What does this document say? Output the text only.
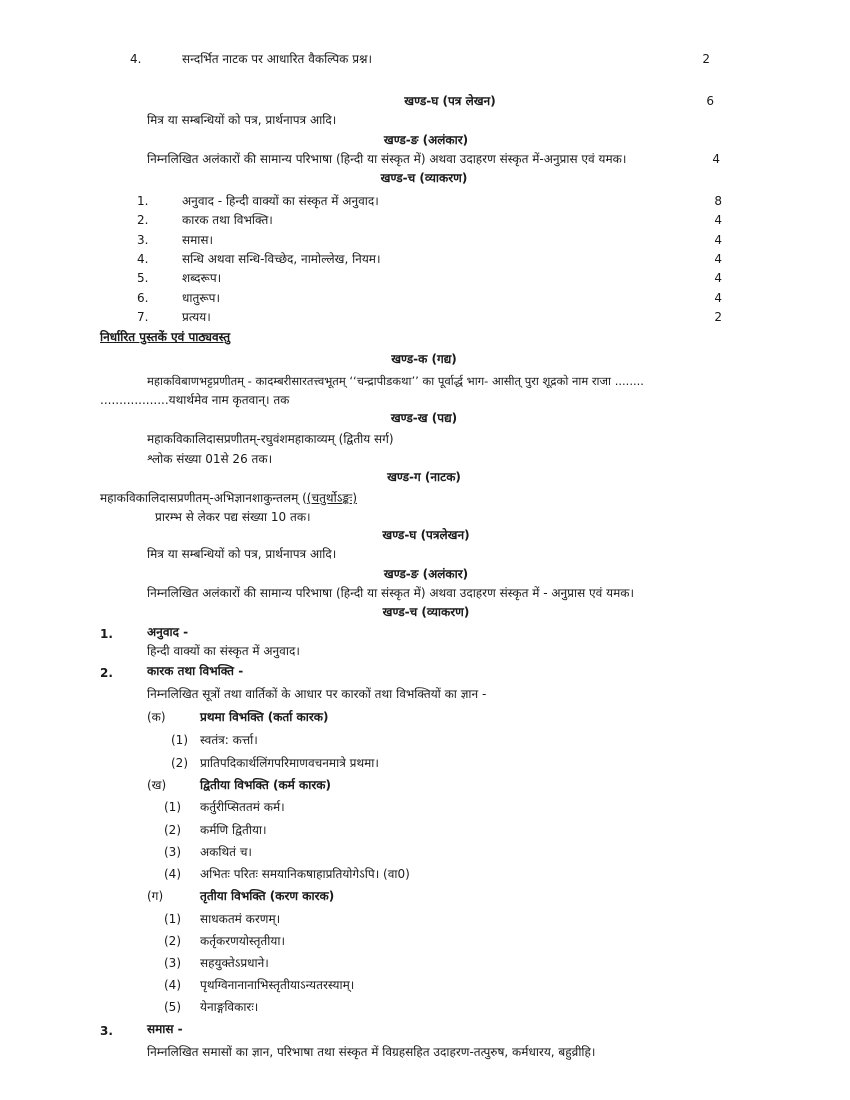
4.	सन्दर्भित नाटक पर आधारित वैकल्पिक प्रश्न।	2
खण्ड-घ (पत्र लेखन)	6
मित्र या सम्बन्धियों को पत्र, प्रार्थनापत्र आदि।
खण्ड-ङ (अलंकार)
निम्नलिखित अलंकारों की सामान्य परिभाषा (हिन्दी या संस्कृत में) अथवा उदाहरण संस्कृत में-अनुप्रास एवं यमक।	4
खण्ड-च (व्याकरण)
1.	अनुवाद - हिन्दी वाक्यों का संस्कृत में अनुवाद।	8
2.	कारक तथा विभक्ति।	4
3.	समास।	4
4.	सन्धि अथवा सन्धि-विच्छेद, नामोल्लेख, नियम।	4
5.	शब्दरूप।	4
6.	धातुरूप।	4
7.	प्रत्यय।	2
निर्धारित पुस्तकें एवं पाठ्यवस्तु
खण्ड-क (गद्य)
महाकविबाणभट्टप्रणीतम् - कादम्बरीसारतत्त्वभूतम् ‘‘चन्द्रापीडकथा’’ का पूर्वार्द्ध भाग- आसीत् पुरा शूद्रको नाम राजा ........
..................यथार्थमेव नाम कृतवान्। तक
खण्ड-ख (पद्य)
महाकविकालिदासप्रणीतम्-रघुवंशमहाकाव्यम् (द्वितीय सर्ग)
श्लोक संख्या 01से 26 तक।
खण्ड-ग (नाटक)
महाकविकालिदासप्रणीतम्-अभिज्ञानशाकुन्तलम् ((चतुर्थोऽङ्कः)
प्रारम्भ से लेकर पद्य संख्या 10 तक।
खण्ड-घ (पत्रलेखन)
मित्र या सम्बन्धियों को पत्र, प्रार्थनापत्र आदि।
खण्ड-ङ (अलंकार)
निम्नलिखित अलंकारों की सामान्य परिभाषा (हिन्दी या संस्कृत में) अथवा उदाहरण संस्कृत में - अनुप्रास एवं यमक।
खण्ड-च (व्याकरण)
1.	अनुवाद -
हिन्दी वाक्यों का संस्कृत में अनुवाद।
2.	कारक तथा विभक्ति -
निम्नलिखित सूत्रों तथा वार्तिकों के आधार पर कारकों तथा विभक्तियों का ज्ञान -
(क)	प्रथमा विभक्ति (कर्ता कारक)
(1) स्वतंत्र: कर्त्ता।
(2) प्रातिपदिकार्थलिंगपरिमाणवचनमात्रे प्रथमा।
(ख)	द्वितीया विभक्ति (कर्म कारक)
(1) कर्तुरीप्सिततमं कर्म।
(2) कर्मणि द्वितीया।
(3) अकथितं च।
(4) अभितः परितः समयानिकषाहाप्रतियोगेऽपि। (वा0)
(ग)	तृतीया विभक्ति (करण कारक)
(1) साधकतमं करणम्।
(2) कर्तृकरणयोस्तृतीया।
(3) सहयुक्तेऽप्रधाने।
(4) पृथग्विनानानाभिस्तृतीयाऽन्यतरस्याम्।
(5) येनाङ्गविकारः।
3.	समास -
निम्नलिखित समासों का ज्ञान, परिभाषा तथा संस्कृत में विग्रहसहित उदाहरण-तत्पुरुष, कर्मधारय, बहुव्रीहि।
